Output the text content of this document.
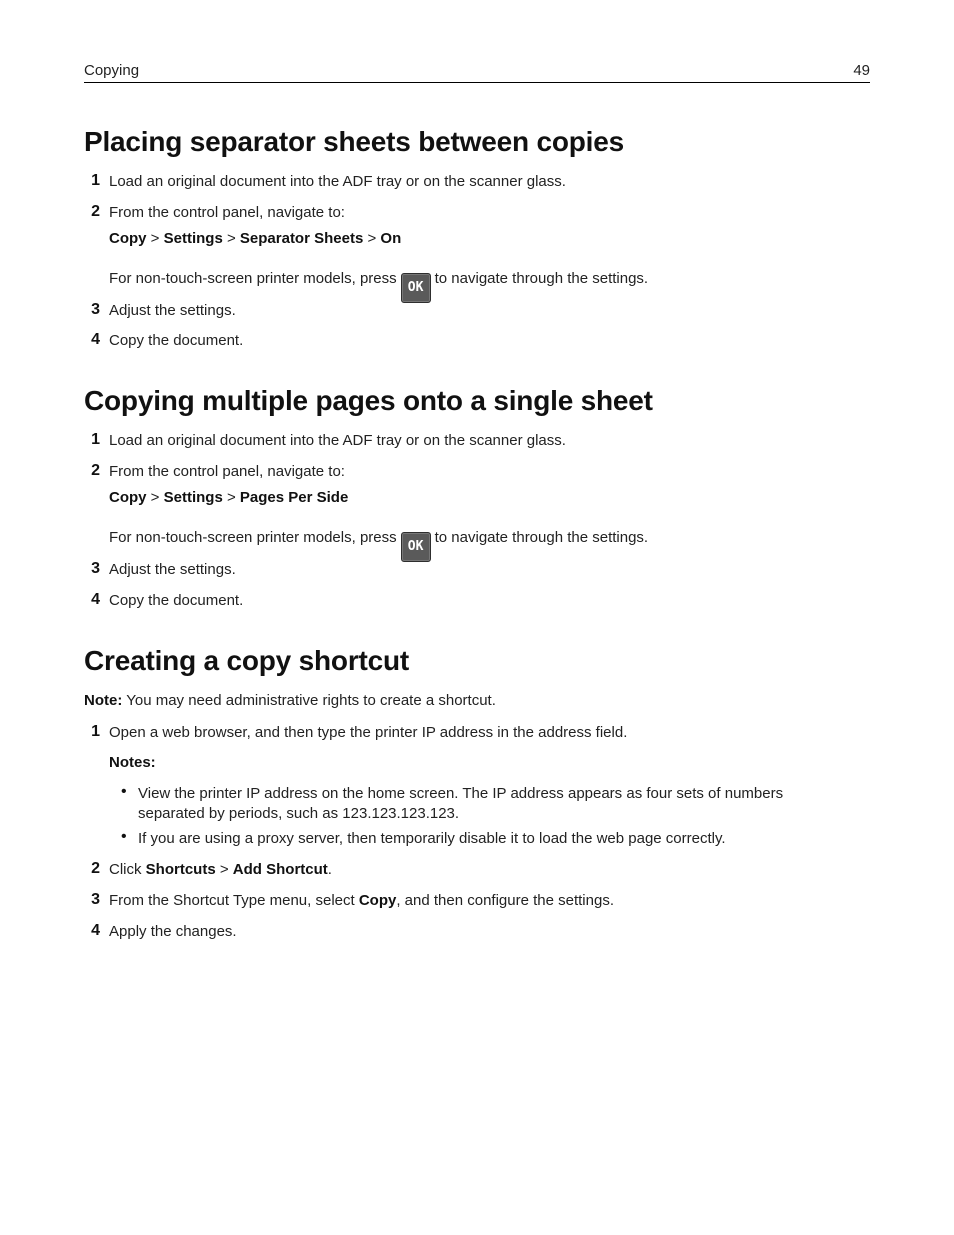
Copying	49
Placing separator sheets between copies
1 Load an original document into the ADF tray or on the scanner glass.
2 From the control panel, navigate to:
Copy > Settings > Separator Sheets > On
For non-touch-screen printer models, pressOKto navigate through the settings.
3 Adjust the settings.
4 Copy the document.
Copying multiple pages onto a single sheet
1 Load an original document into the ADF tray or on the scanner glass.
2 From the control panel, navigate to:
Copy > Settings > Pages Per Side
For non-touch-screen printer models, pressOKto navigate through the settings.
3 Adjust the settings.
4 Copy the document.
Creating a copy shortcut
Note: You may need administrative rights to create a shortcut.
1 Open a web browser, and then type the printer IP address in the address field.
Notes:
• View the printer IP address on the home screen. The IP address appears as four sets of numbers separated by periods, such as 123.123.123.123.
• If you are using a proxy server, then temporarily disable it to load the web page correctly.
2 Click Shortcuts > Add Shortcut.
3 From the Shortcut Type menu, select Copy, and then configure the settings.
4 Apply the changes.
